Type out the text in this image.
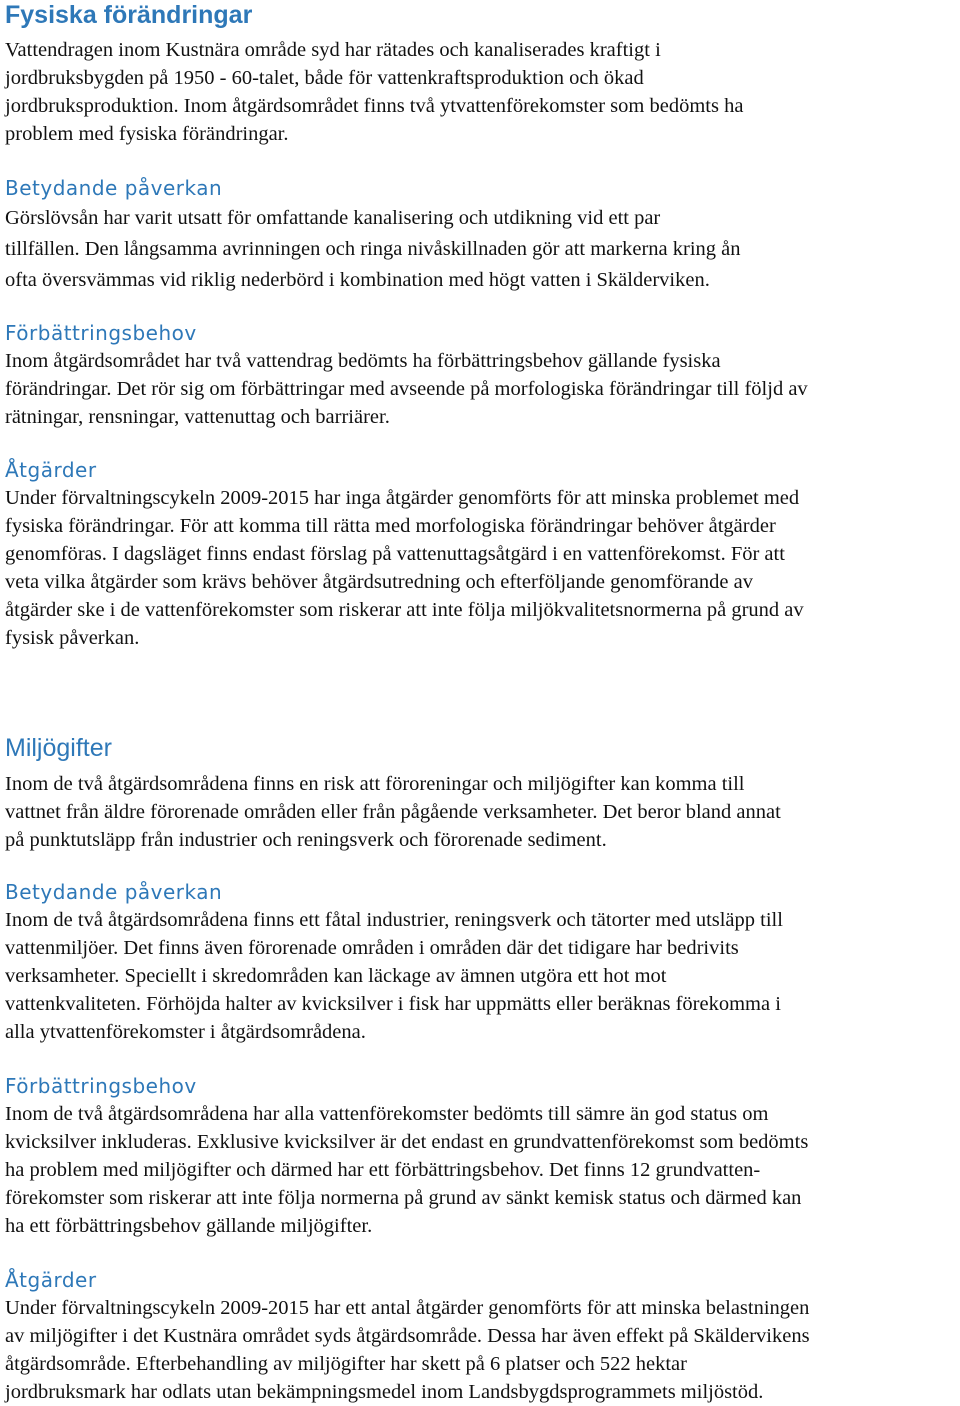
Fysiska förändringar

Vattendragen inom Kustnära område syd har rätades och kanaliserades kraftigt i
jordbruksbygden på 1950 - 60-talet, både för vattenkraftsproduktion och ökad
jordbruksproduktion. Inom åtgärdsområdet finns två ytvattenförekomster som bedömts ha
problem med fysiska förändringar.

Betydande påverkan

Görslövsån har varit utsatt för omfattande kanalisering och utdikning vid ett par
tillfällen. Den långsamma avrinningen och ringa nivåskillnaden gör att markerna kring ån
ofta översvämmas vid riklig nederbörd i kombination med högt vatten i Skälderviken.

Förbättringsbehov

Inom åtgärdsområdet har två vattendrag bedömts ha förbättringsbehov gällande fysiska
förändringar. Det rör sig om förbättringar med avseende på morfologiska förändringar till följd av
rätningar, rensningar, vattenuttag och barriärer.

Åtgärder

Under förvaltningscykeln 2009-2015 har inga åtgärder genomförts för att minska problemet med
fysiska förändringar. För att komma till rätta med morfologiska förändringar behöver åtgärder
genomföras. I dagsläget finns endast förslag på vattenuttagsåtgärd i en vattenförekomst. För att
veta vilka åtgärder som krävs behöver åtgärdsutredning och efterföljande genomförande av
åtgärder ske i de vattenförekomster som riskerar att inte följa miljökvalitetsnormerna på grund av
fysisk påverkan.

Miljögifter

Inom de två åtgärdsområdena finns en risk att föroreningar och miljögifter kan komma till
vattnet från äldre förorenade områden eller från pågående verksamheter. Det beror bland annat
på punktutsläpp från industrier och reningsverk och förorenade sediment.

Betydande påverkan

Inom de två åtgärdsområdena finns ett fåtal industrier, reningsverk och tätorter med utsläpp till
vattenmiljöer. Det finns även förorenade områden i områden där det tidigare har bedrivits
verksamheter. Speciellt i skredområden kan läckage av ämnen utgöra ett hot mot
vattenkvaliteten. Förhöjda halter av kvicksilver i fisk har uppmätts eller beräknas förekomma i
alla ytvattenförekomster i åtgärdsområdena.

Förbättringsbehov

Inom de två åtgärdsområdena har alla vattenförekomster bedömts till sämre än god status om
kvicksilver inkluderas. Exklusive kvicksilver är det endast en grundvattenförekomst som bedömts
ha problem med miljögifter och därmed har ett förbättringsbehov. Det finns 12 grundvatten-
förekomster som riskerar att inte följa normerna på grund av sänkt kemisk status och därmed kan
ha ett förbättringsbehov gällande miljögifter.

Åtgärder

Under förvaltningscykeln 2009-2015 har ett antal åtgärder genomförts för att minska belastningen
av miljögifter i det Kustnära området syds åtgärdsområde. Dessa har även effekt på Skäldervikens
åtgärdsområde. Efterbehandling av miljögifter har skett på 6 platser och 522 hektar
jordbruksmark har odlats utan bekämpningsmedel inom Landsbygdsprogrammets miljöstöd.
